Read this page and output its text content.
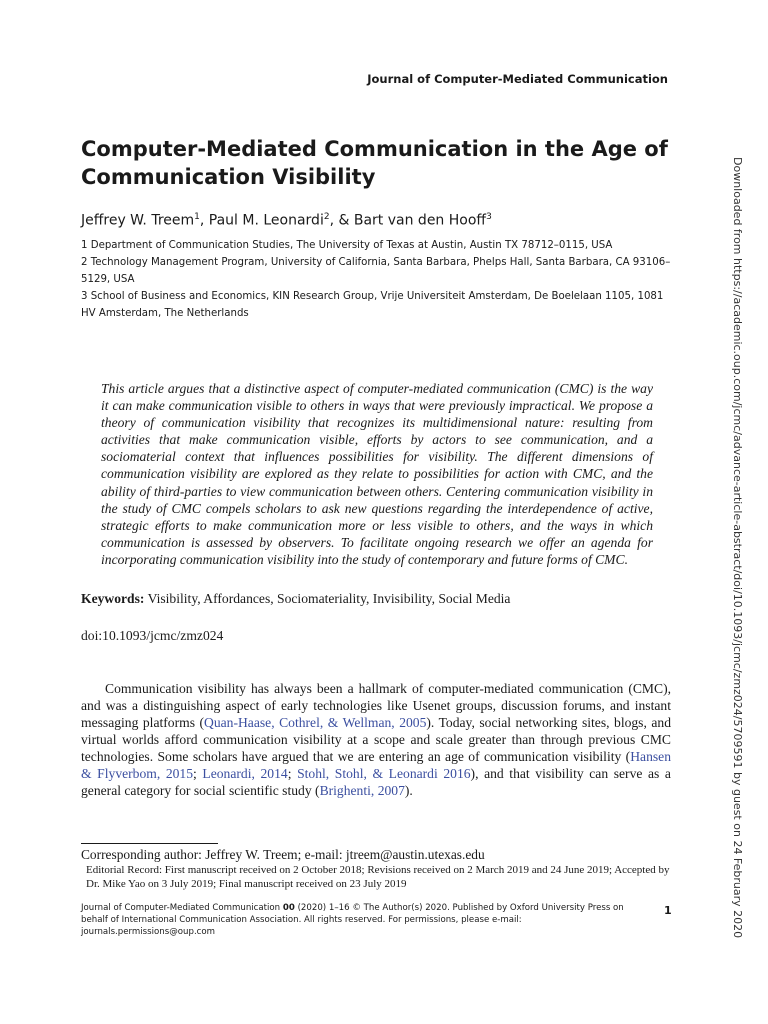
Journal of Computer-Mediated Communication
Computer-Mediated Communication in the Age of Communication Visibility
Jeffrey W. Treem$^1$, Paul M. Leonardi$^2$, & Bart van den Hooff$^3$
1 Department of Communication Studies, The University of Texas at Austin, Austin TX 78712–0115, USA
2 Technology Management Program, University of California, Santa Barbara, Phelps Hall, Santa Barbara, CA 93106–5129, USA
3 School of Business and Economics, KIN Research Group, Vrije Universiteit Amsterdam, De Boelelaan 1105, 1081 HV Amsterdam, The Netherlands
This article argues that a distinctive aspect of computer-mediated communication (CMC) is the way it can make communication visible to others in ways that were previously impractical. We propose a theory of communication visibility that recognizes its multidimensional nature: resulting from activities that make communication visible, efforts by actors to see communication, and a sociomaterial context that influences possibilities for visibility. The different dimensions of communication visibility are explored as they relate to possibilities for action with CMC, and the ability of third-parties to view communication between others. Centering communication visibility in the study of CMC compels scholars to ask new questions regarding the interdependence of active, strategic efforts to make communication more or less visible to others, and the ways in which communication is assessed by observers. To facilitate ongoing research we offer an agenda for incorporating communication visibility into the study of contemporary and future forms of CMC.
Keywords: Visibility, Affordances, Sociomateriality, Invisibility, Social Media
doi:10.1093/jcmc/zmz024
Communication visibility has always been a hallmark of computer-mediated communication (CMC), and was a distinguishing aspect of early technologies like Usenet groups, discussion forums, and instant messaging platforms (Quan-Haase, Cothrel, & Wellman, 2005). Today, social networking sites, blogs, and virtual worlds afford communication visibility at a scope and scale greater than through previous CMC technologies. Some scholars have argued that we are entering an age of communication visibility (Hansen & Flyverbom, 2015; Leonardi, 2014; Stohl, Stohl, & Leonardi 2016), and that visibility can serve as a general category for social scientific study (Brighenti, 2007).
Corresponding author: Jeffrey W. Treem; e-mail: jtreem@austin.utexas.edu
Editorial Record: First manuscript received on 2 October 2018; Revisions received on 2 March 2019 and 24 June 2019; Accepted by Dr. Mike Yao on 3 July 2019; Final manuscript received on 23 July 2019
Journal of Computer-Mediated Communication 00 (2020) 1–16 © The Author(s) 2020. Published by Oxford University Press on behalf of International Communication Association. All rights reserved. For permissions, please e-mail: journals.permissions@oup.com
1	Downloaded from https://academic.oup.com/jcmc/advance-article-abstract/doi/10.1093/jcmc/zmz024/5709591 by guest on 24 February 2020
